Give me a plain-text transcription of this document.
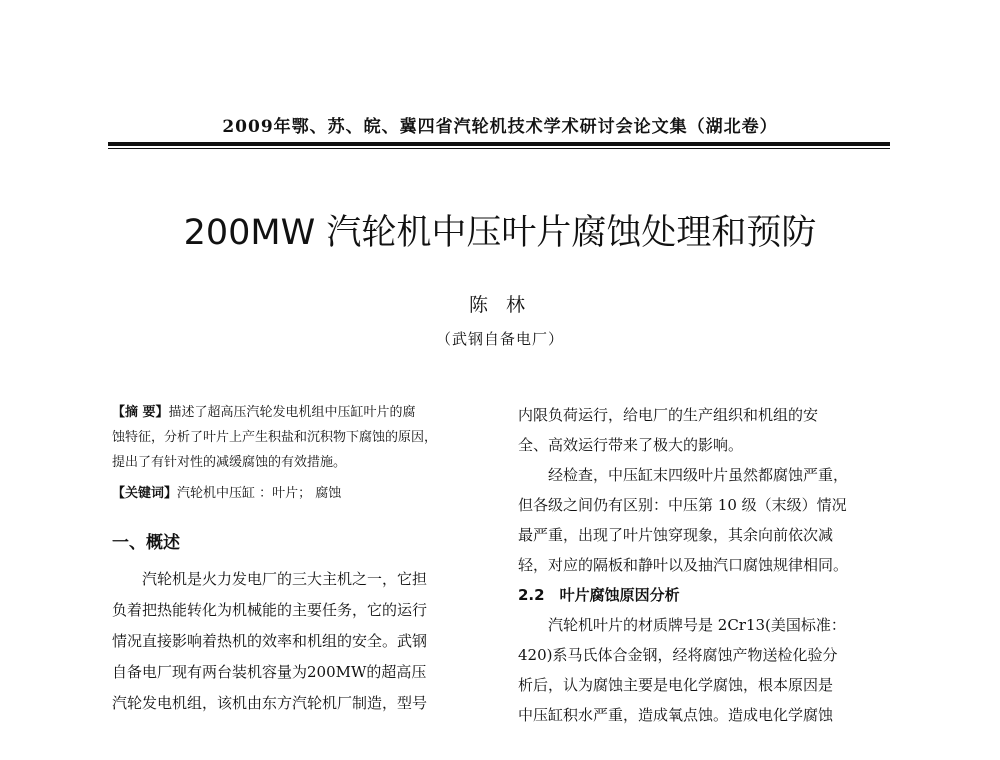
2009年鄂、苏、皖、冀四省汽轮机技术学术研讨会论文集（湖北卷）
200MW 汽轮机中压叶片腐蚀处理和预防
陈 林
（武钢自备电厂）
【摘 要】描述了超高压汽轮发电机组中压缸叶片的腐
蚀特征，分析了叶片上产生积盐和沉积物下腐蚀的原因，
提出了有针对性的减缓腐蚀的有效措施。
【关键词】汽轮机中压缸 ：叶片； 腐蚀
一、概述
汽轮机是火力发电厂的三大主机之一，它担
负着把热能转化为机械能的主要任务，它的运行
情况直接影响着热机的效率和机组的安全。武钢
自备电厂现有两台装机容量为200MW的超高压
汽轮发电机组，该机由东方汽轮机厂制造，型号
内限负荷运行，给电厂的生产组织和机组的安
全、高效运行带来了极大的影响。
经检查，中压缸末四级叶片虽然都腐蚀严重，
但各级之间仍有区别：中压第 10 级（末级）情况
最严重，出现了叶片蚀穿现象，其余向前依次减
轻，对应的隔板和静叶以及抽汽口腐蚀规律相同。
2.2　叶片腐蚀原因分析
汽轮机叶片的材质牌号是 2Cr13(美国标准：
420)系马氏体合金钢，经将腐蚀产物送检化验分
析后，认为腐蚀主要是电化学腐蚀，根本原因是
中压缸积水严重，造成氧点蚀。造成电化学腐蚀
